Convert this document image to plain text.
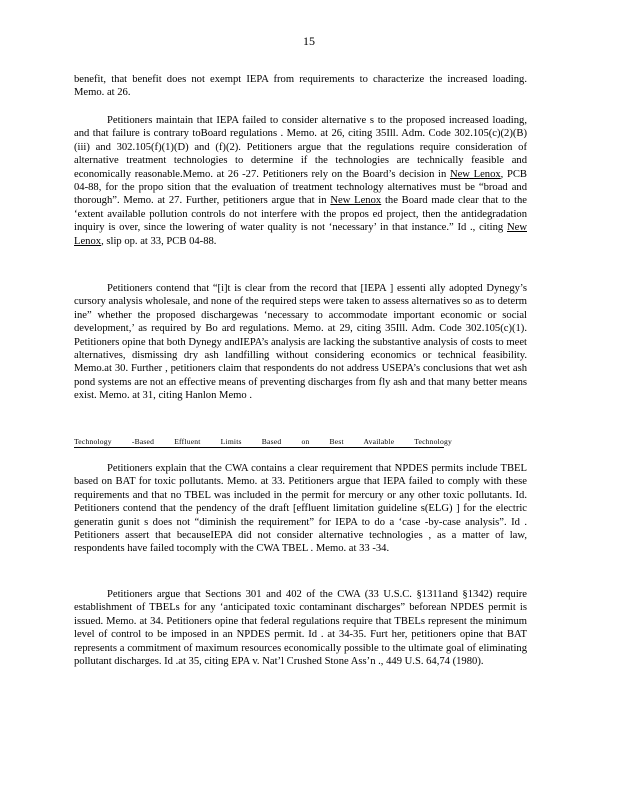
15

benefit, that benefit does not exempt IEPA from requirements to characterize the increased loading. Memo. at 26.

Petitioners maintain that IEPA failed to consider alternative s to the proposed increased loading, and that failure is contrary toBoard regulations . Memo. at 26, citing 35Ill. Adm. Code 302.105(c)(2)(B)(iii) and 302.105(f)(1)(D) and (f)(2). Petitioners argue that the regulations require consideration of alternative treatment technologies to determine if the technologies are technically feasible and economically reasonable.Memo. at 26 -27. Petitioners rely on the Board’s decision in New Lenox, PCB 04-88, for the propo sition that the evaluation of treatment technology alternatives must be “broad and thorough”. Memo. at 27. Further, petitioners argue that in New Lenox the Board made clear that to the ‘extent available pollution controls do not interfere with the propos ed project, then the antidegradation inquiry is over, since the lowering of water quality is not ‘necessary’ in that instance.” Id ., citing New Lenox, slip op. at 33, PCB 04-88.

Petitioners contend that “[i]t is clear from the record that [IEPA ] essenti ally adopted Dynegy’s cursory analysis wholesale, and none of the required steps were taken to assess alternatives so as to determ ine” whether the proposed dischargewas ‘necessary to accommodate important economic or social development,’ as required by Bo ard regulations. Memo. at 29, citing 35Ill. Adm. Code 302.105(c)(1). Petitioners opine that both Dynegy andIEPA’s analysis are lacking the substantive analysis of costs to meet alternatives, dismissing dry ash landfilling without considering economics or technical feasibility. Memo.at 30. Further , petitioners claim that respondents do not address USEPA’s conclusions that wet ash pond systems are not an effective means of preventing discharges from fly ash and that many better means exist. Memo. at 31, citing Hanlon Memo .

Technology -Based Effluent Limits Based on Best Available Technology

Petitioners explain that the CWA contains a clear requirement that NPDES permits include TBEL based on BAT for toxic pollutants. Memo. at 33. Petitioners argue that IEPA failed to comply with these requirements and that no TBEL was included in the permit for mercury or any other toxic pollutants. Id. Petitioners contend that the pendency of the draft [effluent limitation guideline s(ELG) ] for the electric generatin gunit s does not “diminish the requirement” for IEPA to do a ‘case -by-case analysis”. Id . Petitioners assert that becauseIEPA did not consider alternative technologies , as a matter of law, respondents have failed tocomply with the CWA TBEL . Memo. at 33 -34.

Petitioners argue that Sections 301 and 402 of the CWA (33 U.S.C. §1311and §1342) require establishment of TBELs for any ‘anticipated toxic contaminant discharges” beforean NPDES permit is issued. Memo. at 34. Petitioners opine that federal regulations require that TBELs represent the minimum level of control to be imposed in an NPDES permit. Id . at 34-35. Furt her, petitioners opine that BAT represents a commitment of maximum resources economically possible to the ultimate goal of eliminating pollutant discharges. Id .at 35, citing EPA v. Nat’l Crushed Stone Ass’n ., 449 U.S. 64,74 (1980).
